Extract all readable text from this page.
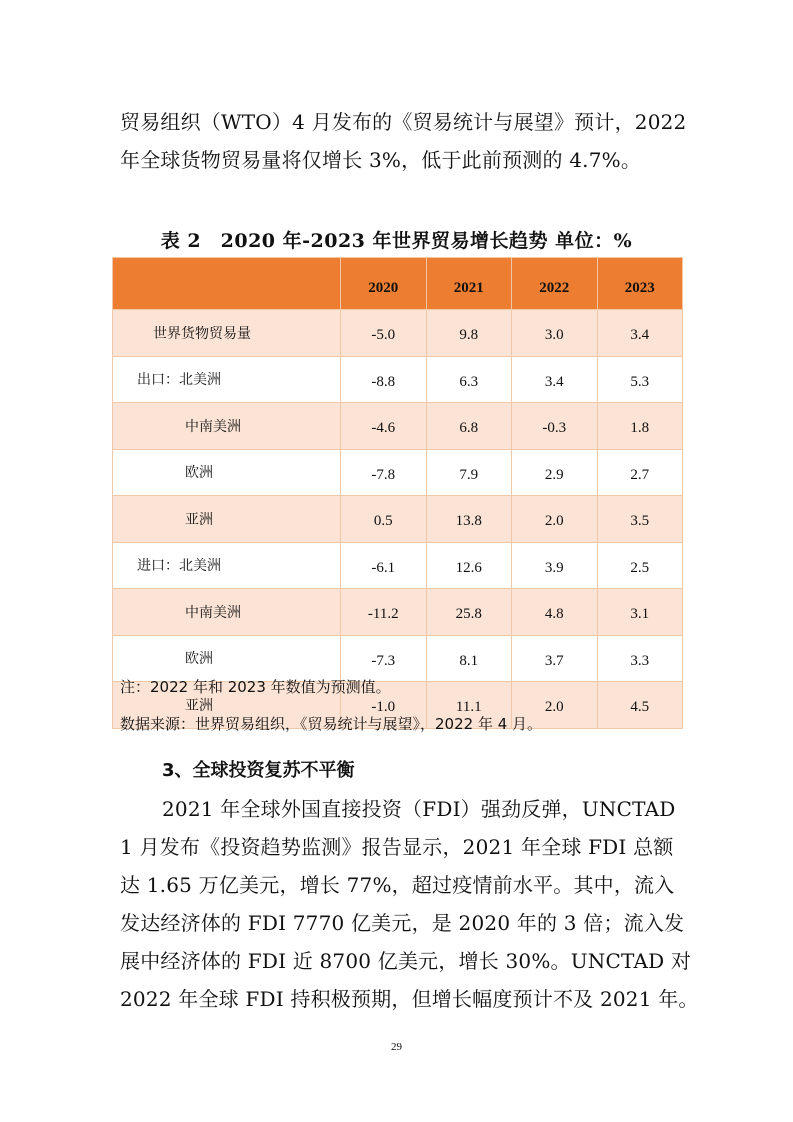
贸易组织（WTO）4 月发布的《贸易统计与展望》预计，2022
年全球货物贸易量将仅增长 3%，低于此前预测的 4.7%。
表 2　2020 年-2023 年世界贸易增长趋势 单位：%
	2020	2021	2022	2023
世界货物贸易量	-5.0	9.8	3.0	3.4
出口：北美洲	-8.8	6.3	3.4	5.3
中南美洲	-4.6	6.8	-0.3	1.8
欧洲	-7.8	7.9	2.9	2.7
亚洲	0.5	13.8	2.0	3.5
进口：北美洲	-6.1	12.6	3.9	2.5
中南美洲	-11.2	25.8	4.8	3.1
欧洲	-7.3	8.1	3.7	3.3
亚洲	-1.0	11.1	2.0	4.5
注：2022 年和 2023 年数值为预测值。
数据来源：世界贸易组织，《贸易统计与展望》，2022 年 4 月。
3、全球投资复苏不平衡
2021 年全球外国直接投资（FDI）强劲反弹，UNCTAD
1 月发布《投资趋势监测》报告显示，2021 年全球 FDI 总额
达 1.65 万亿美元，增长 77%，超过疫情前水平。其中，流入
发达经济体的 FDI 7770 亿美元，是 2020 年的 3 倍；流入发
展中经济体的 FDI 近 8700 亿美元，增长 30%。UNCTAD 对
2022 年全球 FDI 持积极预期，但增长幅度预计不及 2021 年。
29
